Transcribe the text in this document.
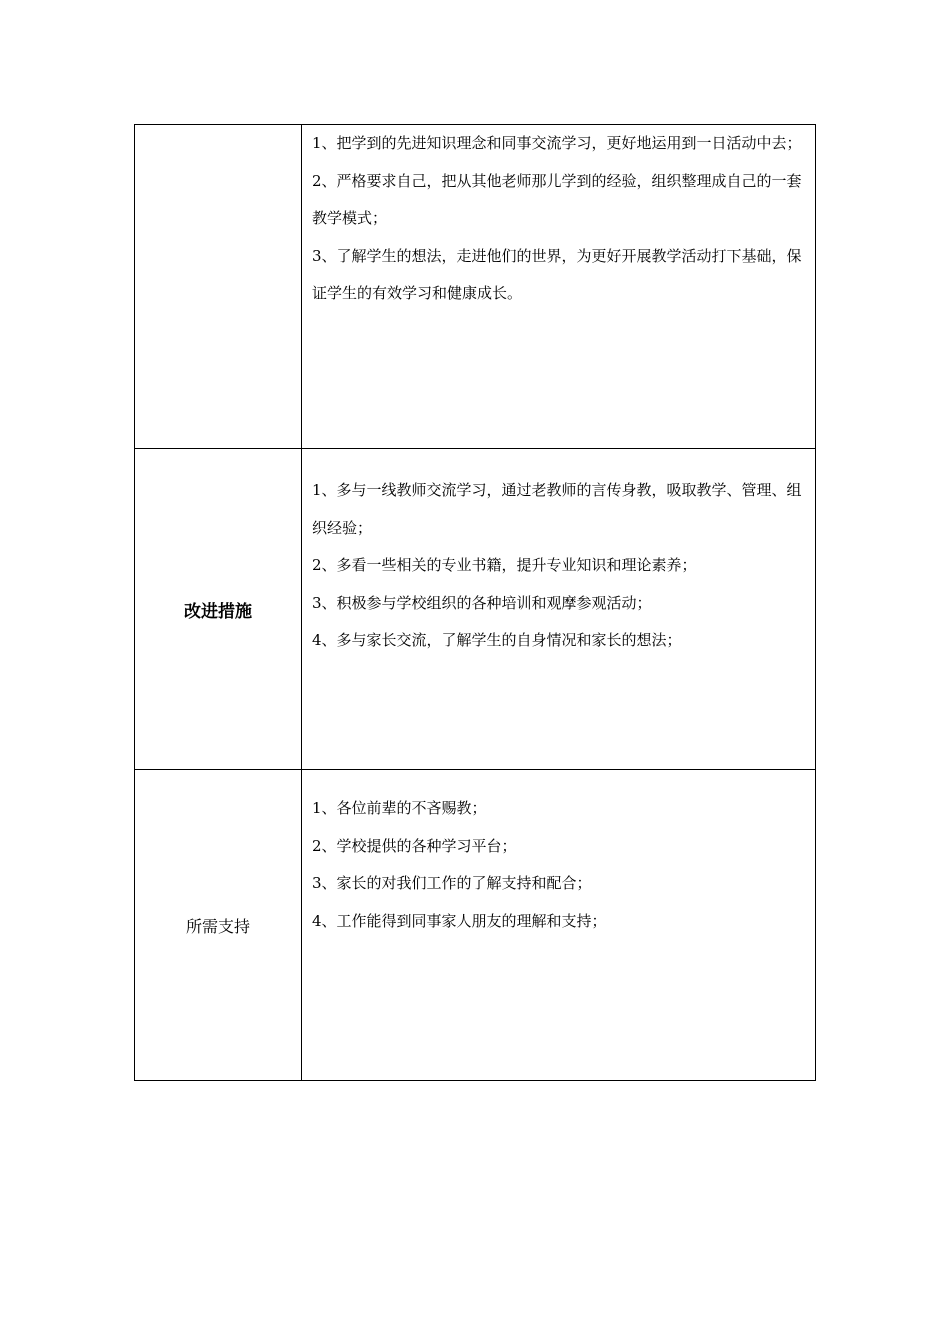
	1、把学到的先进知识理念和同事交流学习，更好地运用到一日活动中去；

2、严格要求自己，把从其他老师那儿学到的经验，组织整理成自己的一套教学模式；

3、了解学生的想法，走进他们的世界，为更好开展教学活动打下基础，保证学生的有效学习和健康成长。

改进措施	1、多与一线教师交流学习，通过老教师的言传身教，吸取教学、管理、组织经验；

2、多看一些相关的专业书籍，提升专业知识和理论素养；

3、积极参与学校组织的各种培训和观摩参观活动；

4、多与家长交流，了解学生的自身情况和家长的想法；

所需支持	1、各位前辈的不吝赐教；

2、学校提供的各种学习平台；

3、家长的对我们工作的了解支持和配合；

4、工作能得到同事家人朋友的理解和支持；
